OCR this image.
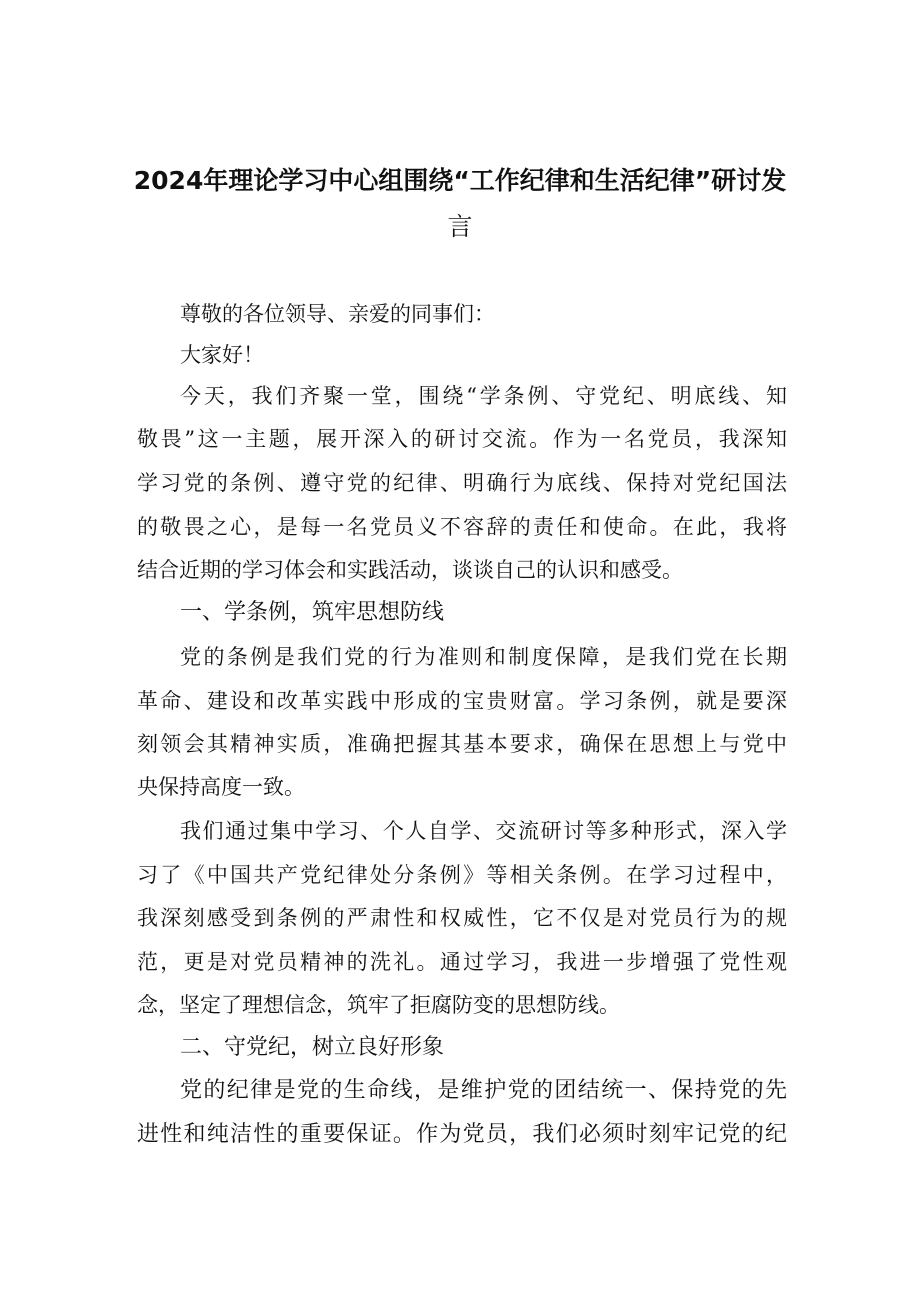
2024年理论学习中心组围绕“工作纪律和生活纪律”研讨发
言

尊敬的各位领导、亲爱的同事们：

大家好！

今天，我们齐聚一堂，围绕“学条例、守党纪、明底线、知

敬畏”这一主题，展开深入的研讨交流。作为一名党员，我深知

学习党的条例、遵守党的纪律、明确行为底线、保持对党纪国法

的敬畏之心，是每一名党员义不容辞的责任和使命。在此，我将

结合近期的学习体会和实践活动，谈谈自己的认识和感受。

一、学条例，筑牢思想防线

党的条例是我们党的行为准则和制度保障，是我们党在长期

革命、建设和改革实践中形成的宝贵财富。学习条例，就是要深

刻领会其精神实质，准确把握其基本要求，确保在思想上与党中

央保持高度一致。

我们通过集中学习、个人自学、交流研讨等多种形式，深入学

习了《中国共产党纪律处分条例》等相关条例。在学习过程中，

我深刻感受到条例的严肃性和权威性，它不仅是对党员行为的规

范，更是对党员精神的洗礼。通过学习，我进一步增强了党性观

念，坚定了理想信念，筑牢了拒腐防变的思想防线。

二、守党纪，树立良好形象

党的纪律是党的生命线，是维护党的团结统一、保持党的先

进性和纯洁性的重要保证。作为党员，我们必须时刻牢记党的纪
